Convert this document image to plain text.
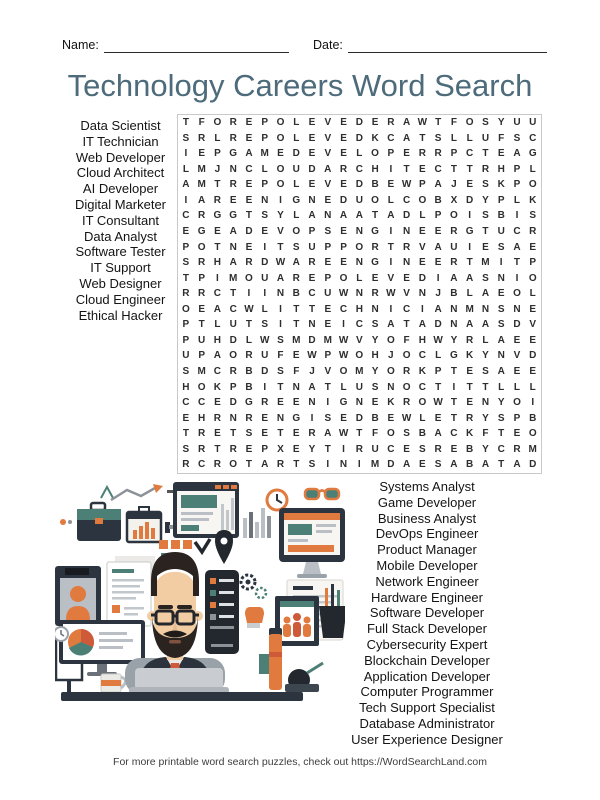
Name:	Date:
Technology Careers Word Search
Data Scientist
IT Technician
Web Developer
Cloud Architect
AI Developer
Digital Marketer
IT Consultant
Data Analyst
Software Tester
IT Support
Web Designer
Cloud Engineer
Ethical Hacker
T F O R E P O L E V E D E R A W T F O S Y U U
S R L R E P O L E V E D K C A T S L L U F S C
I	E P G A M E D E V E L O P E R R P C T E A G
L M J N C L O U D A R C H	I	T E C T T R H P L
A M T R E P O L E V E D B E W P A J E S K P O
I	A R E E N	I	G N E D U O L C O B X D Y P L K
C R G G T S Y L A N A A T A D L P O	I	S B	I	S
E G E A D E V O P S E N G	I	N E E R G T U C R
P O T N E	I	T S U P P O R T R V A U	I	E S A E
S R H A R D W A R E E N G	I	N E E R T M	I	T P
T P	I	M O U A R E P O L E V E D	I	A A S N	I	O
R R C T	I	I	N B C U W N R W V N J B L A E O L
O E A C W L	I	T T E C H N	I	C	I	A N M N S N E
P T L U T S	I	T N E	I	C S A T A D N A A S D V
P U H D L W S M D M W V Y O F H W Y R L A E E
U P A O R U F E W P W O H J O C L G K Y N V D
S M C R B D S F J V O M Y O R K P T E S A E E
H O K P B	I	T N A T L U S N O C T	I	T T L L L
C C E D G R E E N	I	G N E K R O W T E N Y O	I
E H R N R E N G	I	S E D B E W L E T R Y S P B
T R E T S E T E R A W T F O S B A C K F T E O
S R T R E P X E Y T	I	R U C E S R E B Y C R M
R C R O T A R T S	I	N	I	M D A E S A B A T A D
Systems Analyst
Game Developer
Business Analyst
DevOps Engineer
Product Manager
Mobile Developer
Network Engineer
Hardware Engineer
Software Developer
Full Stack Developer
Cybersecurity Expert
Blockchain Developer
Application Developer
Computer Programmer
Tech Support Specialist
Database Administrator
User Experience Designer
For more printable word search puzzles, check out https://WordSearchLand.com
